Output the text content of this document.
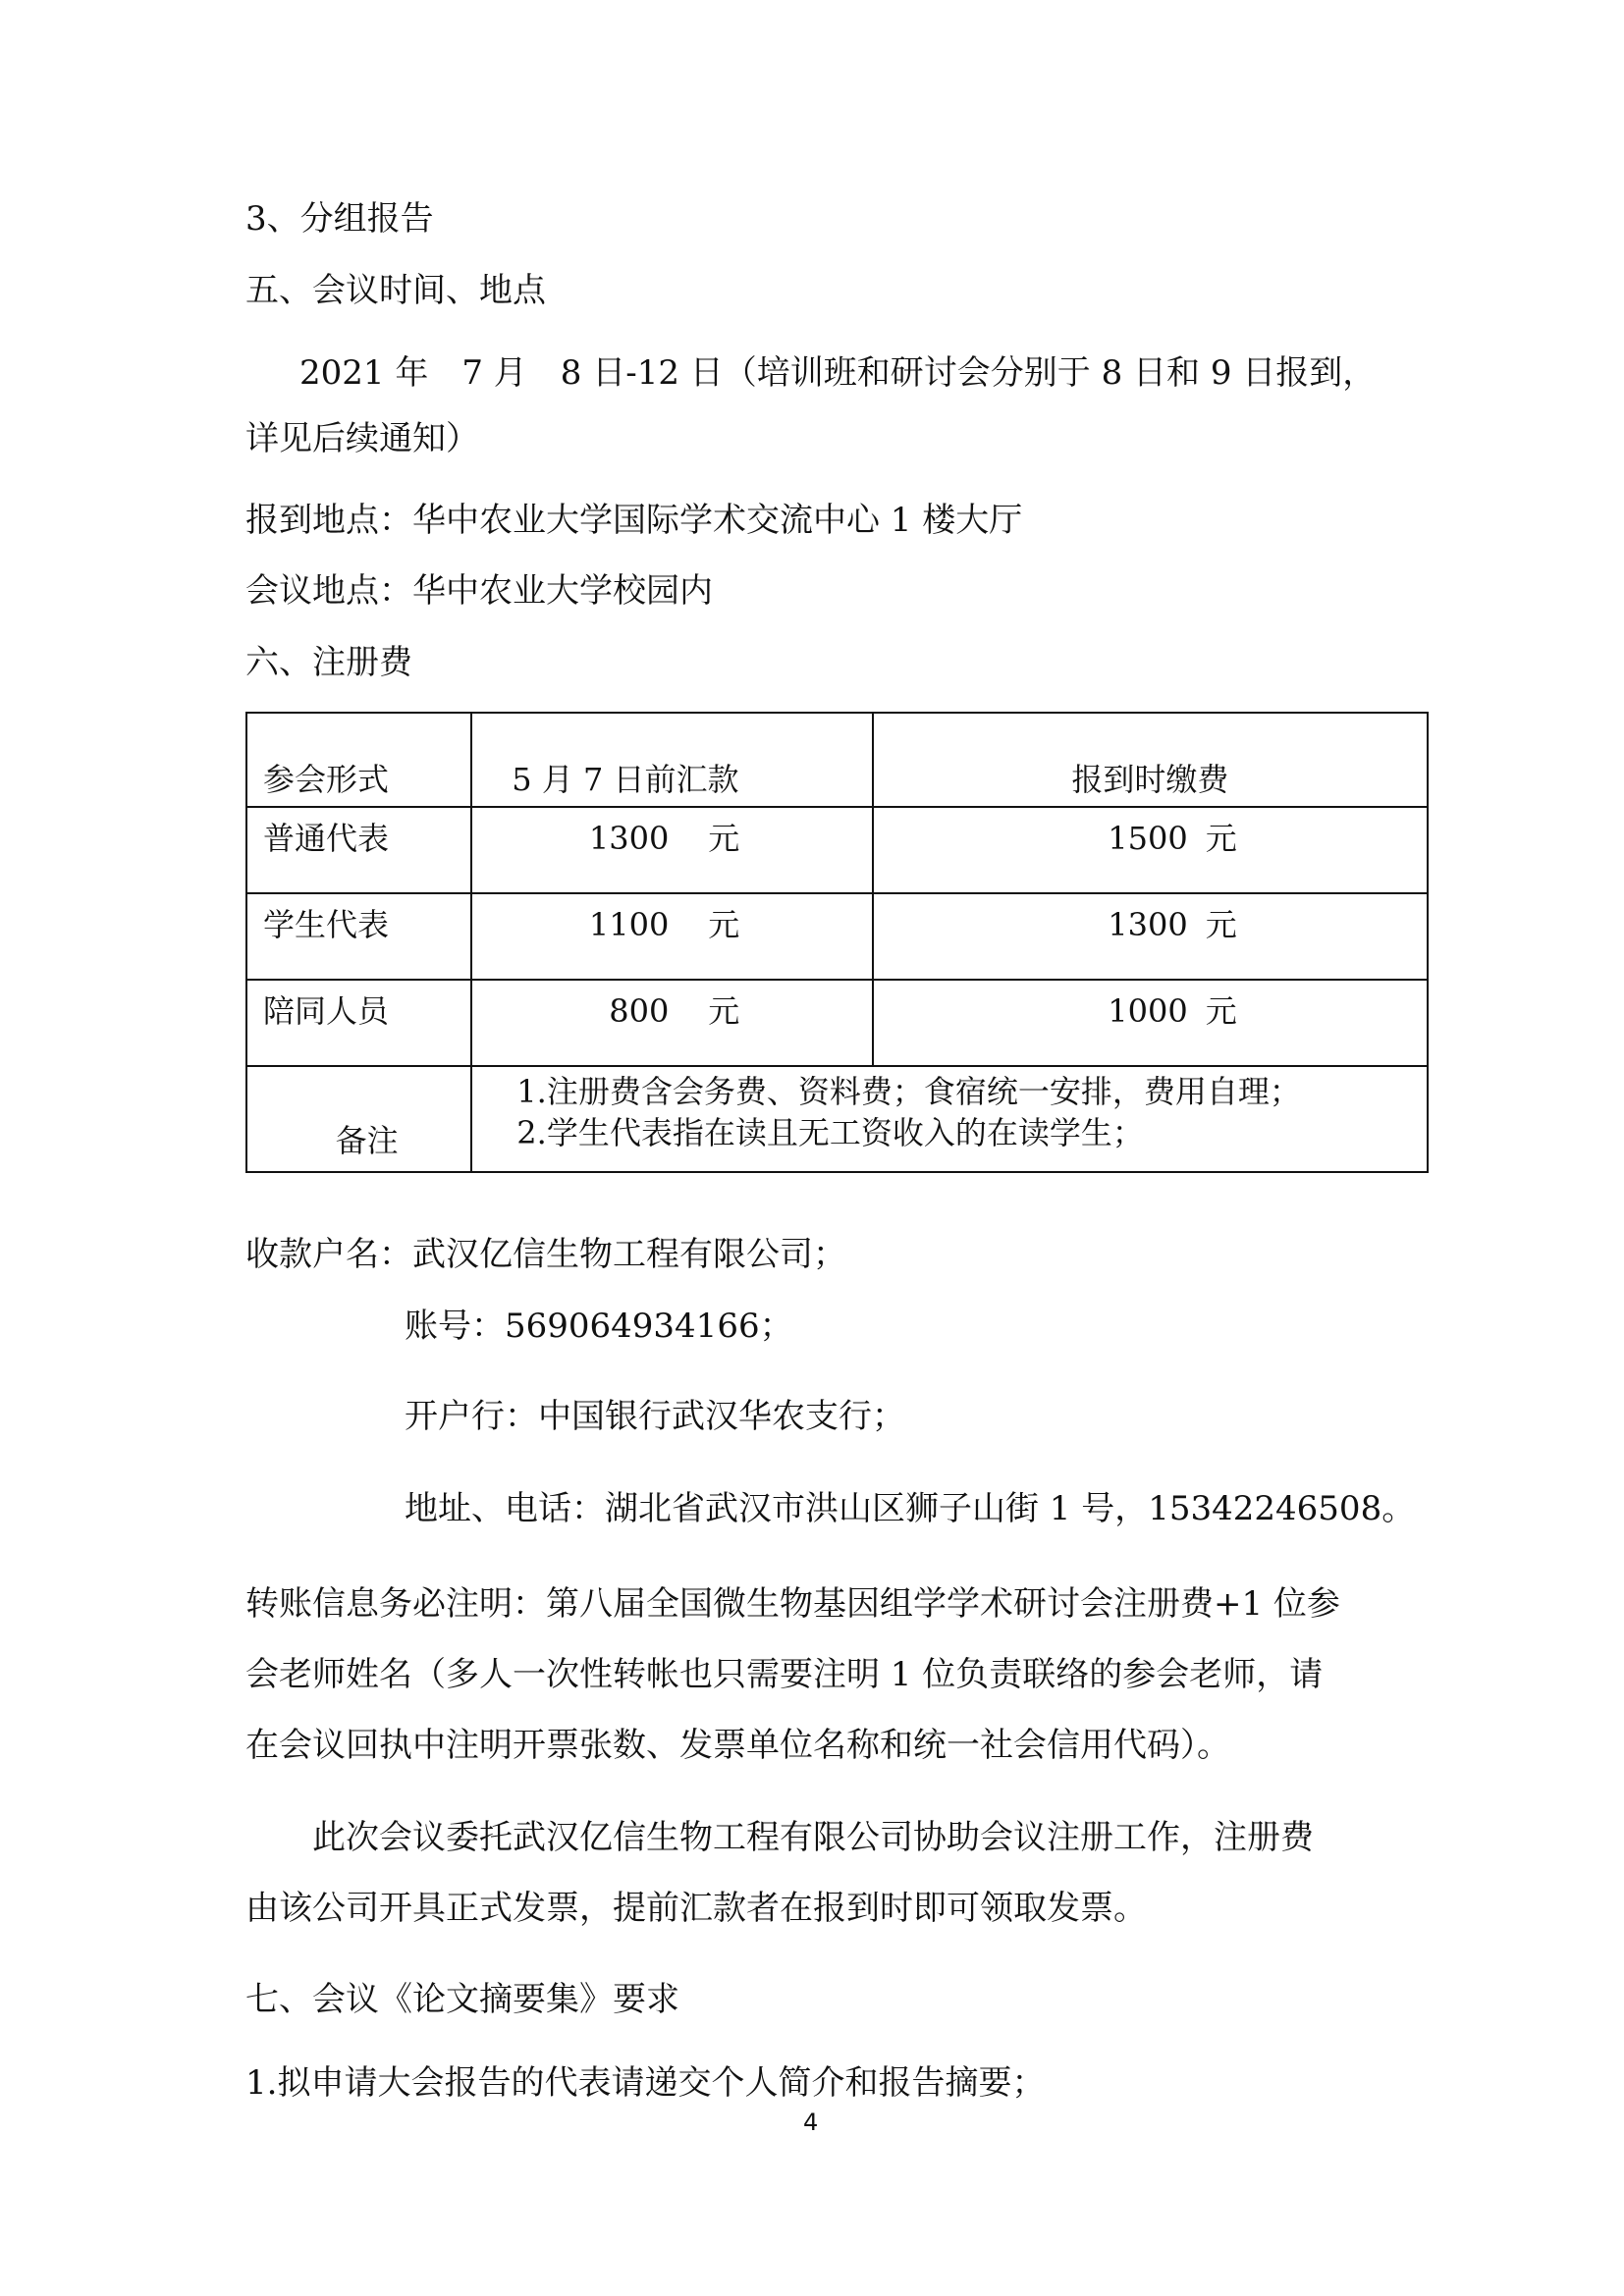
3、分组报告

五、会议时间、地点

2021 年　7 月　8 日-12 日（培训班和研讨会分别于 8 日和 9 日报到，

详见后续通知）

报到地点：华中农业大学国际学术交流中心 1 楼大厅

会议地点：华中农业大学校园内

六、注册费

参会形式	5 月 7 日前汇款	报到时缴费
普通代表	1300 元	1500 元
学生代表	1100 元	1300 元
陪同人员	800 元	1000 元
备注	1.注册费含会务费、资料费；食宿统一安排，费用自理；
2.学生代表指在读且无工资收入的在读学生；	

收款户名：武汉亿信生物工程有限公司；

账号：569064934166；

开户行：中国银行武汉华农支行；

地址、电话：湖北省武汉市洪山区狮子山街 1 号，15342246508。

转账信息务必注明：第八届全国微生物基因组学学术研讨会注册费+1 位参

会老师姓名（多人一次性转帐也只需要注明 1 位负责联络的参会老师，请

在会议回执中注明开票张数、发票单位名称和统一社会信用代码）。

此次会议委托武汉亿信生物工程有限公司协助会议注册工作，注册费

由该公司开具正式发票，提前汇款者在报到时即可领取发票。

七、会议《论文摘要集》要求

1.拟申请大会报告的代表请递交个人简介和报告摘要；

4
